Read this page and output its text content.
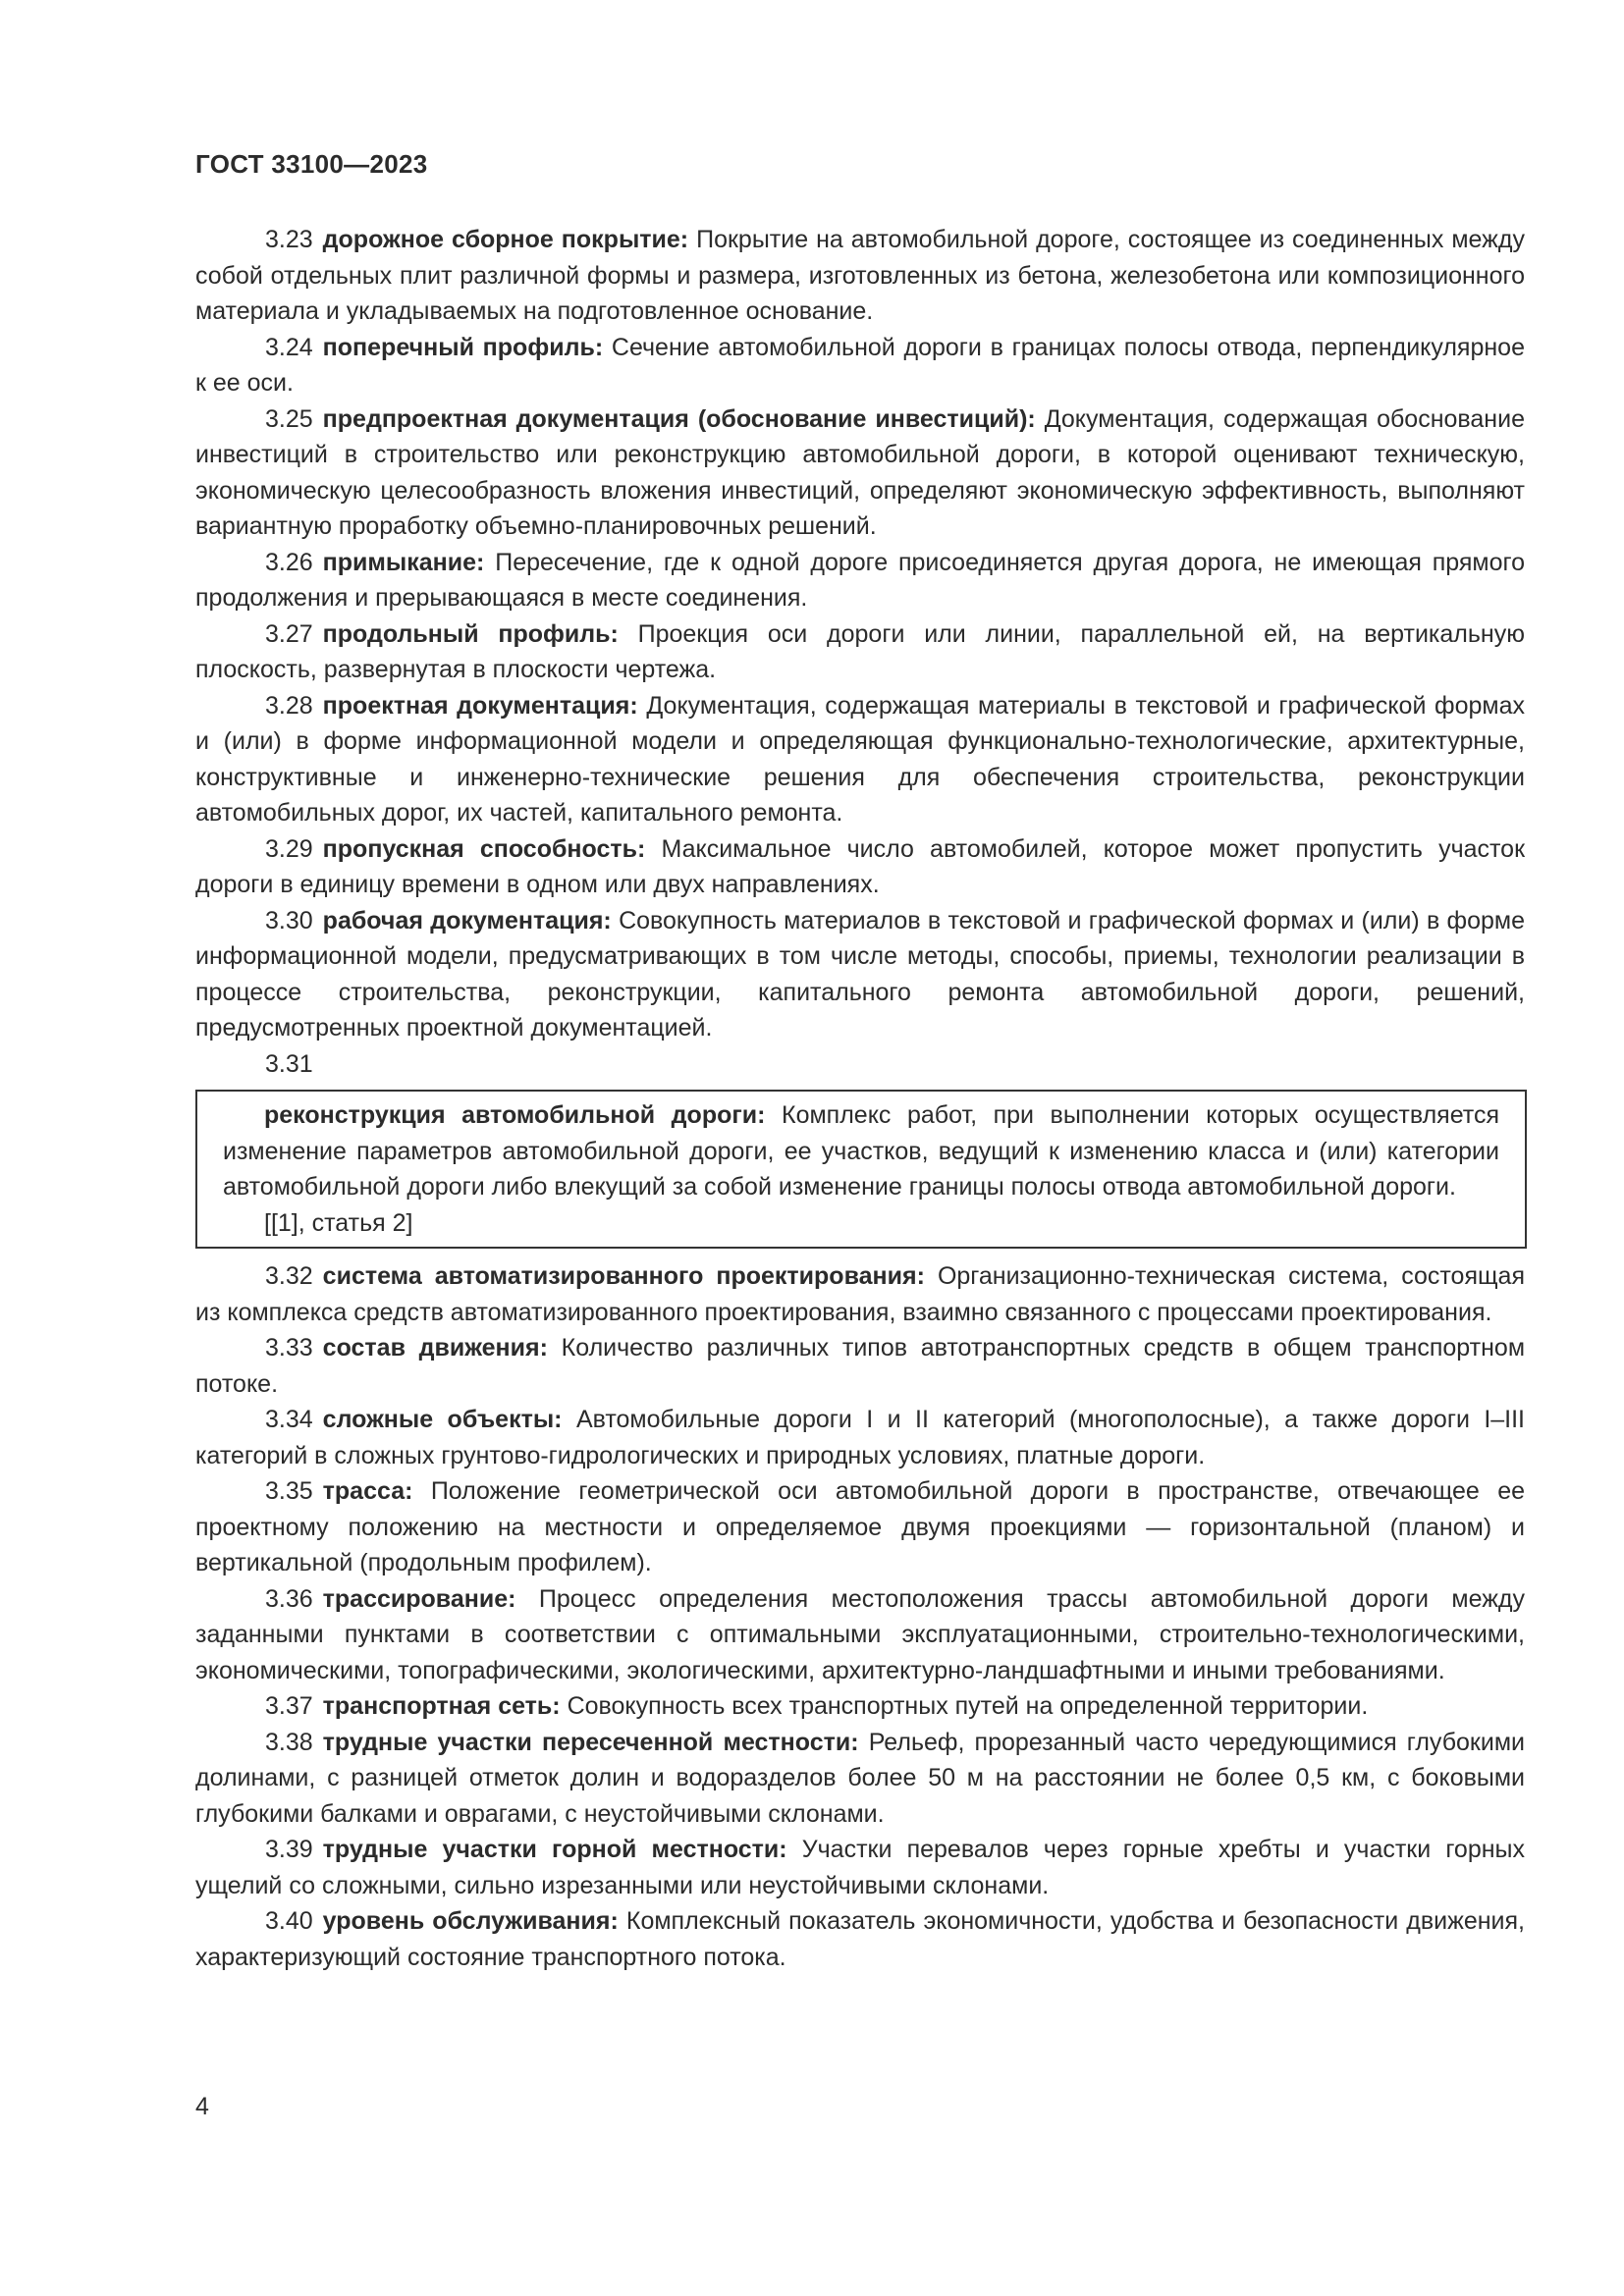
ГОСТ 33100—2023

3.23 дорожное сборное покрытие: Покрытие на автомобильной дороге, состоящее из соединенных между собой отдельных плит различной формы и размера, изготовленных из бетона, железобетона или композиционного материала и укладываемых на подготовленное основание.

3.24 поперечный профиль: Сечение автомобильной дороги в границах полосы отвода, перпендикулярное к ее оси.

3.25 предпроектная документация (обоснование инвестиций): Документация, содержащая обоснование инвестиций в строительство или реконструкцию автомобильной дороги, в которой оценивают техническую, экономическую целесообразность вложения инвестиций, определяют экономическую эффективность, выполняют вариантную проработку объемно-планировочных решений.

3.26 примыкание: Пересечение, где к одной дороге присоединяется другая дорога, не имеющая прямого продолжения и прерывающаяся в месте соединения.

3.27 продольный профиль: Проекция оси дороги или линии, параллельной ей, на вертикальную плоскость, развернутая в плоскости чертежа.

3.28 проектная документация: Документация, содержащая материалы в текстовой и графической формах и (или) в форме информационной модели и определяющая функционально-технологические, архитектурные, конструктивные и инженерно-технические решения для обеспечения строительства, реконструкции автомобильных дорог, их частей, капитального ремонта.

3.29 пропускная способность: Максимальное число автомобилей, которое может пропустить участок дороги в единицу времени в одном или двух направлениях.

3.30 рабочая документация: Совокупность материалов в текстовой и графической формах и (или) в форме информационной модели, предусматривающих в том числе методы, способы, приемы, технологии реализации в процессе строительства, реконструкции, капитального ремонта автомобильной дороги, решений, предусмотренных проектной документацией.

3.31

реконструкция автомобильной дороги: Комплекс работ, при выполнении которых осуществляется изменение параметров автомобильной дороги, ее участков, ведущий к изменению класса и (или) категории автомобильной дороги либо влекущий за собой изменение границы полосы отвода автомобильной дороги.

[[1], статья 2]

3.32 система автоматизированного проектирования: Организационно-техническая система, состоящая из комплекса средств автоматизированного проектирования, взаимно связанного с процессами проектирования.

3.33 состав движения: Количество различных типов автотранспортных средств в общем транспортном потоке.

3.34 сложные объекты: Автомобильные дороги I и II категорий (многополосные), а также дороги I–III категорий в сложных грунтово-гидрологических и природных условиях, платные дороги.

3.35 трасса: Положение геометрической оси автомобильной дороги в пространстве, отвечающее ее проектному положению на местности и определяемое двумя проекциями — горизонтальной (планом) и вертикальной (продольным профилем).

3.36 трассирование: Процесс определения местоположения трассы автомобильной дороги между заданными пунктами в соответствии с оптимальными эксплуатационными, строительно-технологическими, экономическими, топографическими, экологическими, архитектурно-ландшафтными и иными требованиями.

3.37 транспортная сеть: Совокупность всех транспортных путей на определенной территории.

3.38 трудные участки пересеченной местности: Рельеф, прорезанный часто чередующимися глубокими долинами, с разницей отметок долин и водоразделов более 50 м на расстоянии не более 0,5 км, с боковыми глубокими балками и оврагами, с неустойчивыми склонами.

3.39 трудные участки горной местности: Участки перевалов через горные хребты и участки горных ущелий со сложными, сильно изрезанными или неустойчивыми склонами.

3.40 уровень обслуживания: Комплексный показатель экономичности, удобства и безопасности движения, характеризующий состояние транспортного потока.

4
